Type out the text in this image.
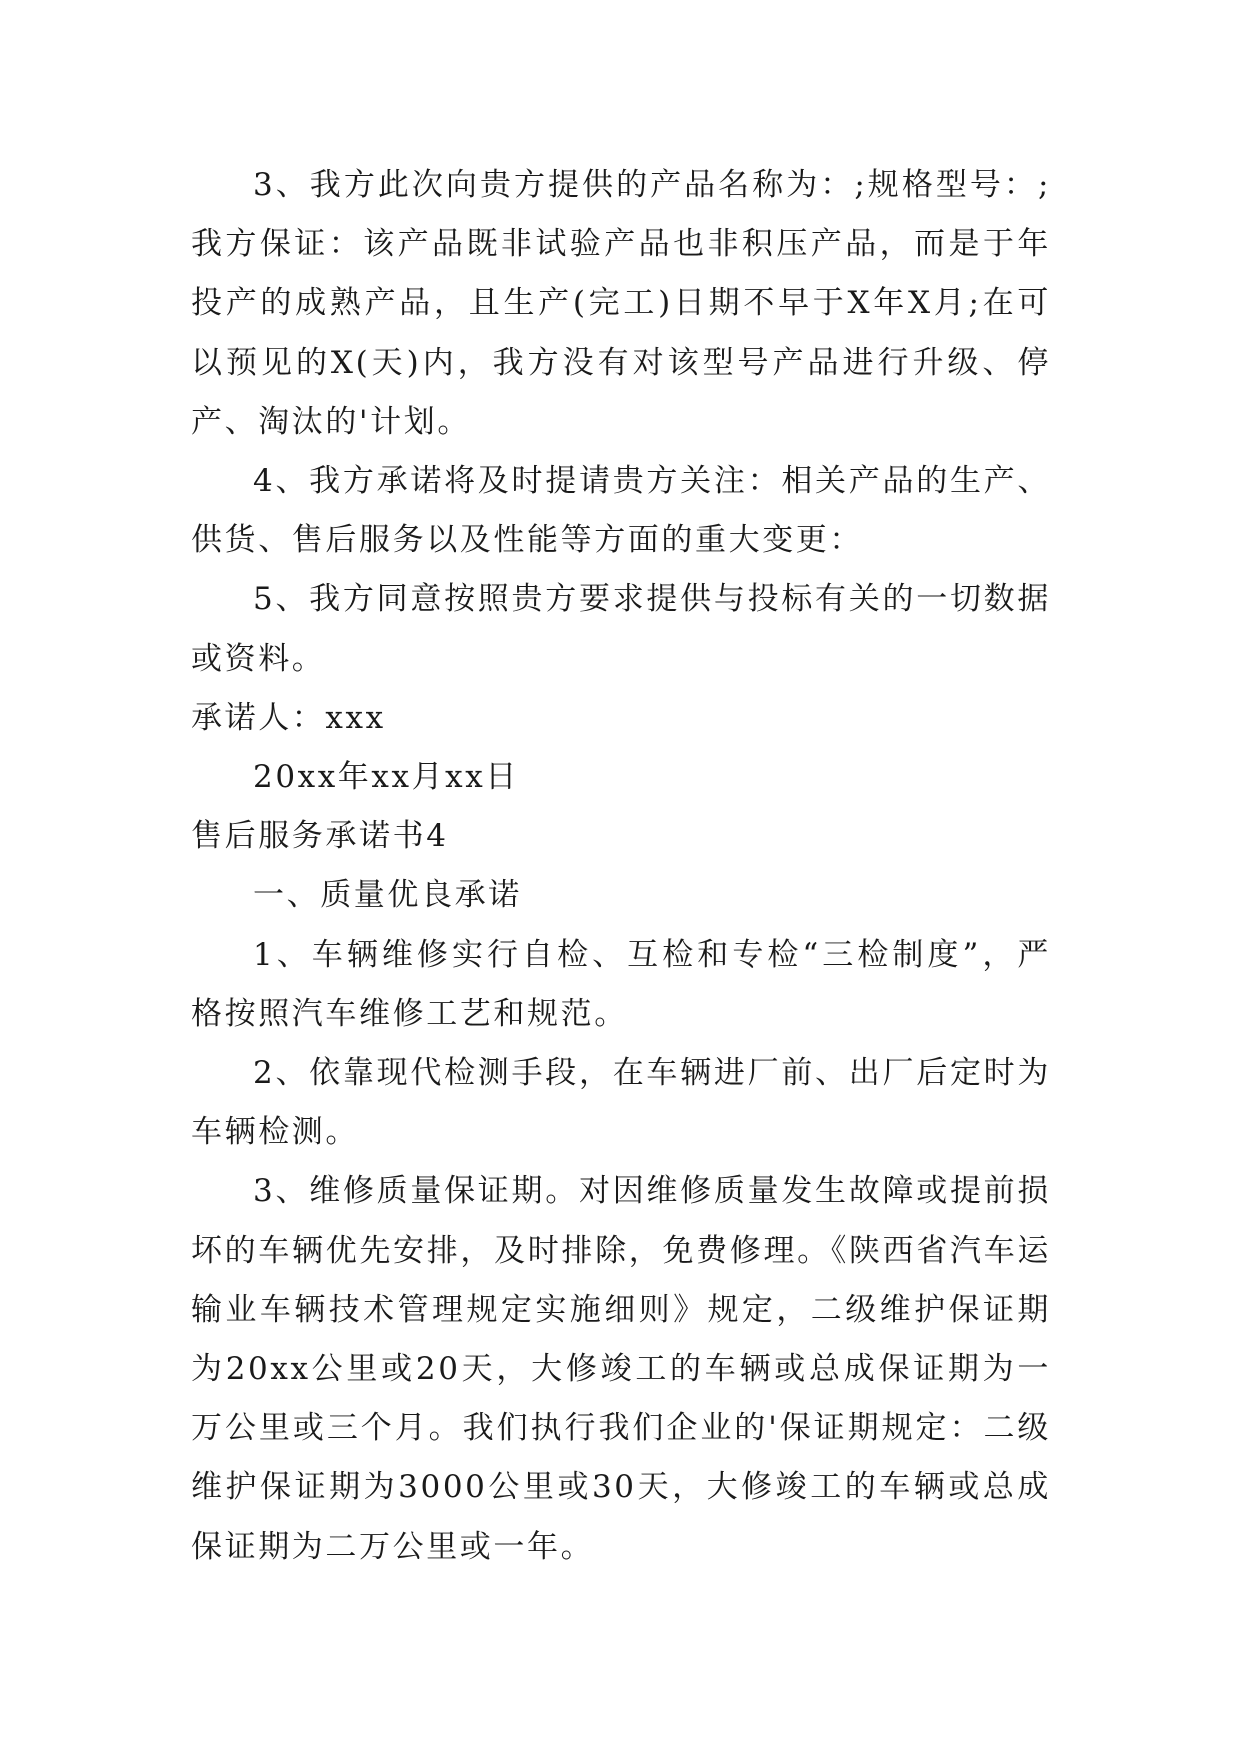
3、我方此次向贵方提供的产品名称为：;规格型号：;我方保证：该产品既非试验产品也非积压产品，而是于年投产的成熟产品，且生产(完工)日期不早于X年X月;在可以预见的X(天)内，我方没有对该型号产品进行升级、停产、淘汰的'计划。

4、我方承诺将及时提请贵方关注：相关产品的生产、供货、售后服务以及性能等方面的重大变更：

5、我方同意按照贵方要求提供与投标有关的一切数据或资料。

承诺人：xxx

20xx年xx月xx日

售后服务承诺书4

一、质量优良承诺

1、车辆维修实行自检、互检和专检“三检制度”，严格按照汽车维修工艺和规范。

2、依靠现代检测手段，在车辆进厂前、出厂后定时为车辆检测。

3、维修质量保证期。对因维修质量发生故障或提前损坏的车辆优先安排，及时排除，免费修理。《陕西省汽车运输业车辆技术管理规定实施细则》规定，二级维护保证期为20xx公里或20天，大修竣工的车辆或总成保证期为一万公里或三个月。我们执行我们企业的'保证期规定：二级维护保证期为3000公里或30天，大修竣工的车辆或总成保证期为二万公里或一年。
